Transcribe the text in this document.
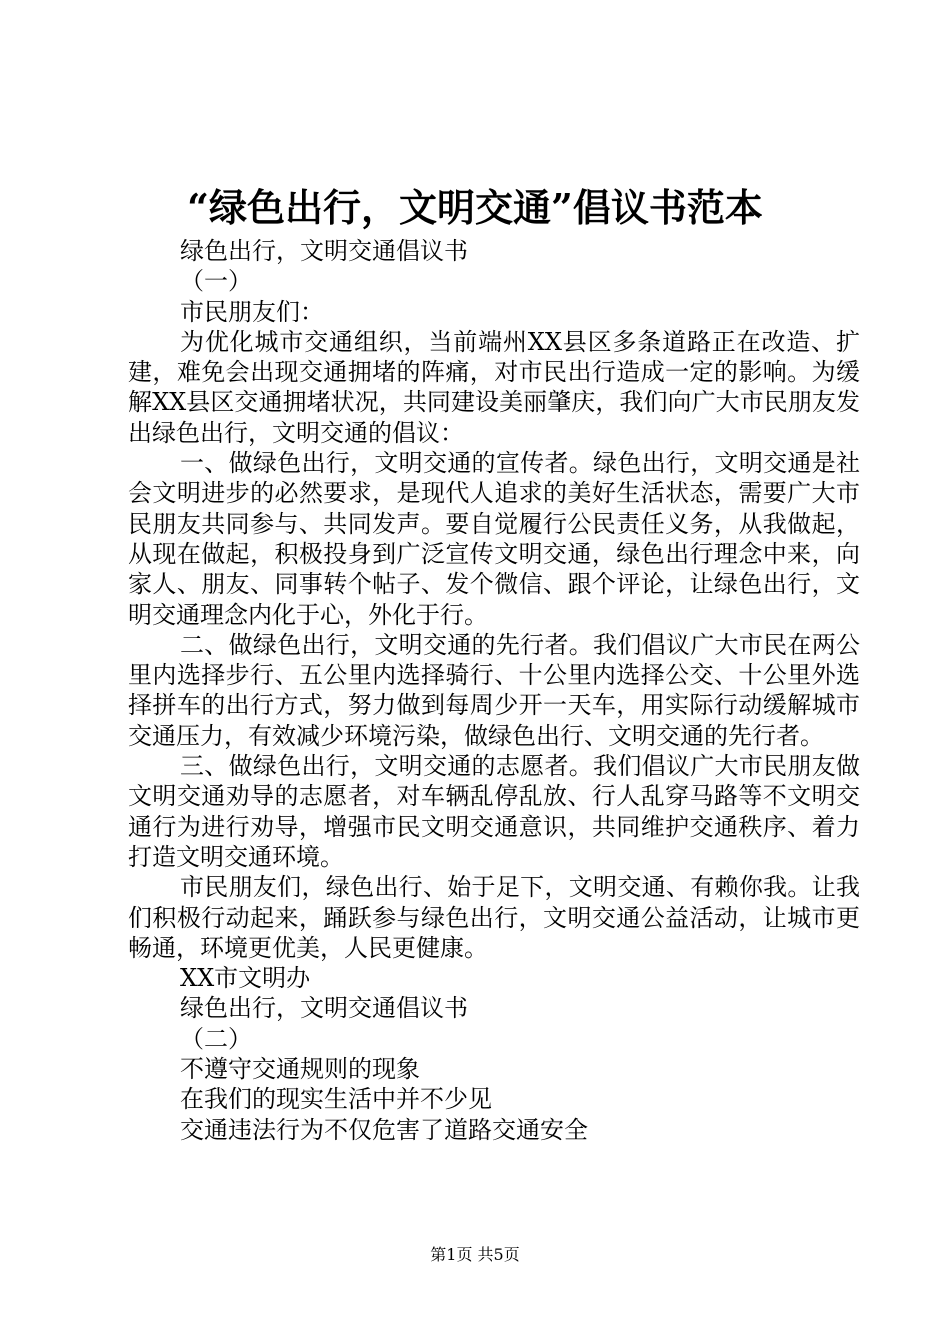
“绿色出行，文明交通”倡议书范本

绿色出行，文明交通倡议书

（一）

市民朋友们：

为优化城市交通组织，当前端州XX县区多条道路正在改造、扩建，难免会出现交通拥堵的阵痛，对市民出行造成一定的影响。为缓解XX县区交通拥堵状况，共同建设美丽肇庆，我们向广大市民朋友发出绿色出行，文明交通的倡议：

一、做绿色出行，文明交通的宣传者。绿色出行，文明交通是社会文明进步的必然要求，是现代人追求的美好生活状态，需要广大市民朋友共同参与、共同发声。要自觉履行公民责任义务，从我做起，从现在做起，积极投身到广泛宣传文明交通，绿色出行理念中来，向家人、朋友、同事转个帖子、发个微信、跟个评论，让绿色出行，文明交通理念内化于心，外化于行。

二、做绿色出行，文明交通的先行者。我们倡议广大市民在两公里内选择步行、五公里内选择骑行、十公里内选择公交、十公里外选择拼车的出行方式，努力做到每周少开一天车，用实际行动缓解城市交通压力，有效减少环境污染，做绿色出行、文明交通的先行者。

三、做绿色出行，文明交通的志愿者。我们倡议广大市民朋友做文明交通劝导的志愿者，对车辆乱停乱放、行人乱穿马路等不文明交通行为进行劝导，增强市民文明交通意识，共同维护交通秩序、着力打造文明交通环境。

市民朋友们，绿色出行、始于足下，文明交通、有赖你我。让我们积极行动起来，踊跃参与绿色出行，文明交通公益活动，让城市更畅通，环境更优美，人民更健康。

XX市文明办

绿色出行，文明交通倡议书

（二）

不遵守交通规则的现象

在我们的现实生活中并不少见

交通违法行为不仅危害了道路交通安全

第1页 共5页
